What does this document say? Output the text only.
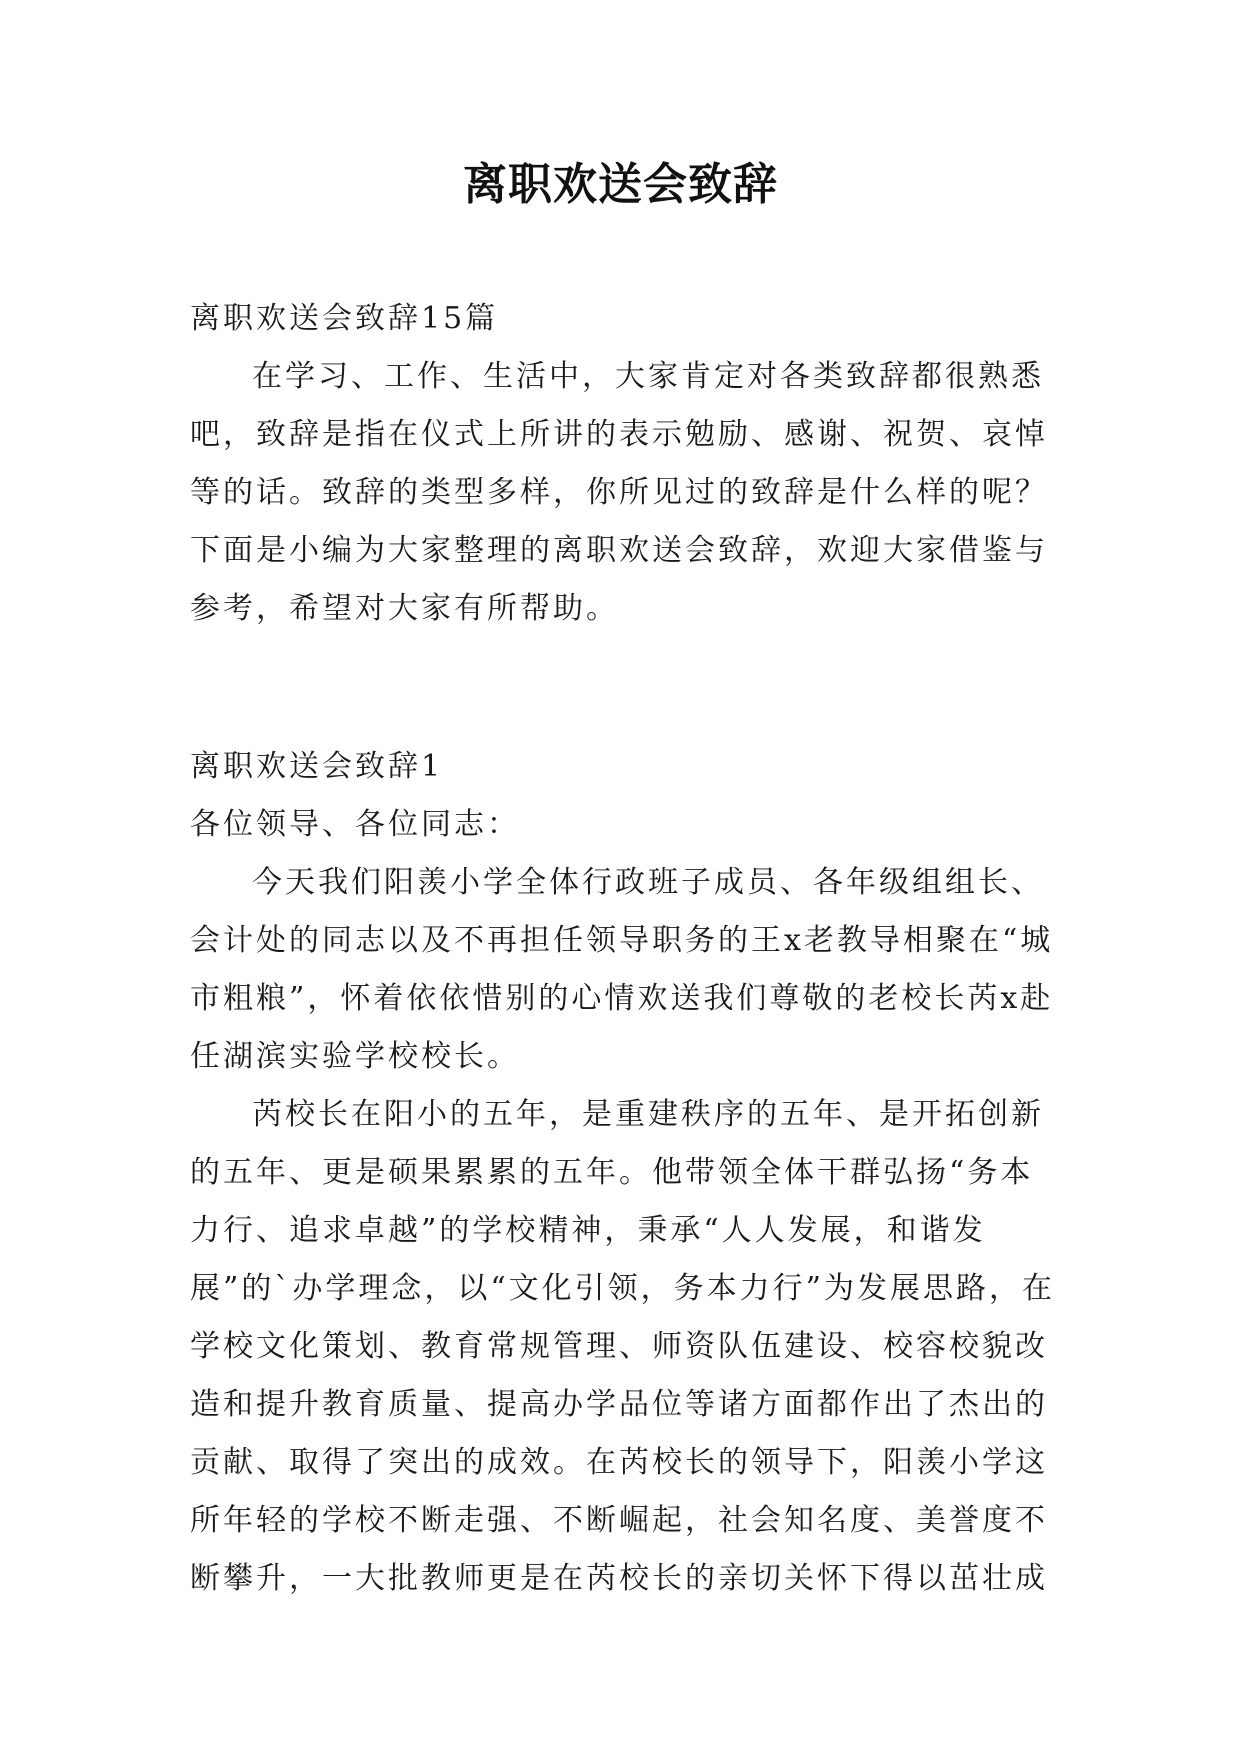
离职欢送会致辞

离职欢送会致辞15篇

在学习、工作、生活中，大家肯定对各类致辞都很熟悉吧，致辞是指在仪式上所讲的表示勉励、感谢、祝贺、哀悼等的话。致辞的类型多样，你所见过的致辞是什么样的呢？下面是小编为大家整理的离职欢送会致辞，欢迎大家借鉴与参考，希望对大家有所帮助。

离职欢送会致辞1

各位领导、各位同志：

今天我们阳羡小学全体行政班子成员、各年级组组长、会计处的同志以及不再担任领导职务的王x老教导相聚在“城市粗粮”，怀着依依惜别的心情欢送我们尊敬的老校长芮x赴任湖滨实验学校校长。

芮校长在阳小的五年，是重建秩序的五年、是开拓创新的五年、更是硕果累累的五年。他带领全体干群弘扬“务本力行、追求卓越”的学校精神，秉承“人人发展，和谐发展”的`办学理念，以“文化引领，务本力行”为发展思路，在学校文化策划、教育常规管理、师资队伍建设、校容校貌改造和提升教育质量、提高办学品位等诸方面都作出了杰出的贡献、取得了突出的成效。在芮校长的领导下，阳羡小学这所年轻的学校不断走强、不断崛起，社会知名度、美誉度不断攀升，一大批教师更是在芮校长的亲切关怀下得以茁壮成
